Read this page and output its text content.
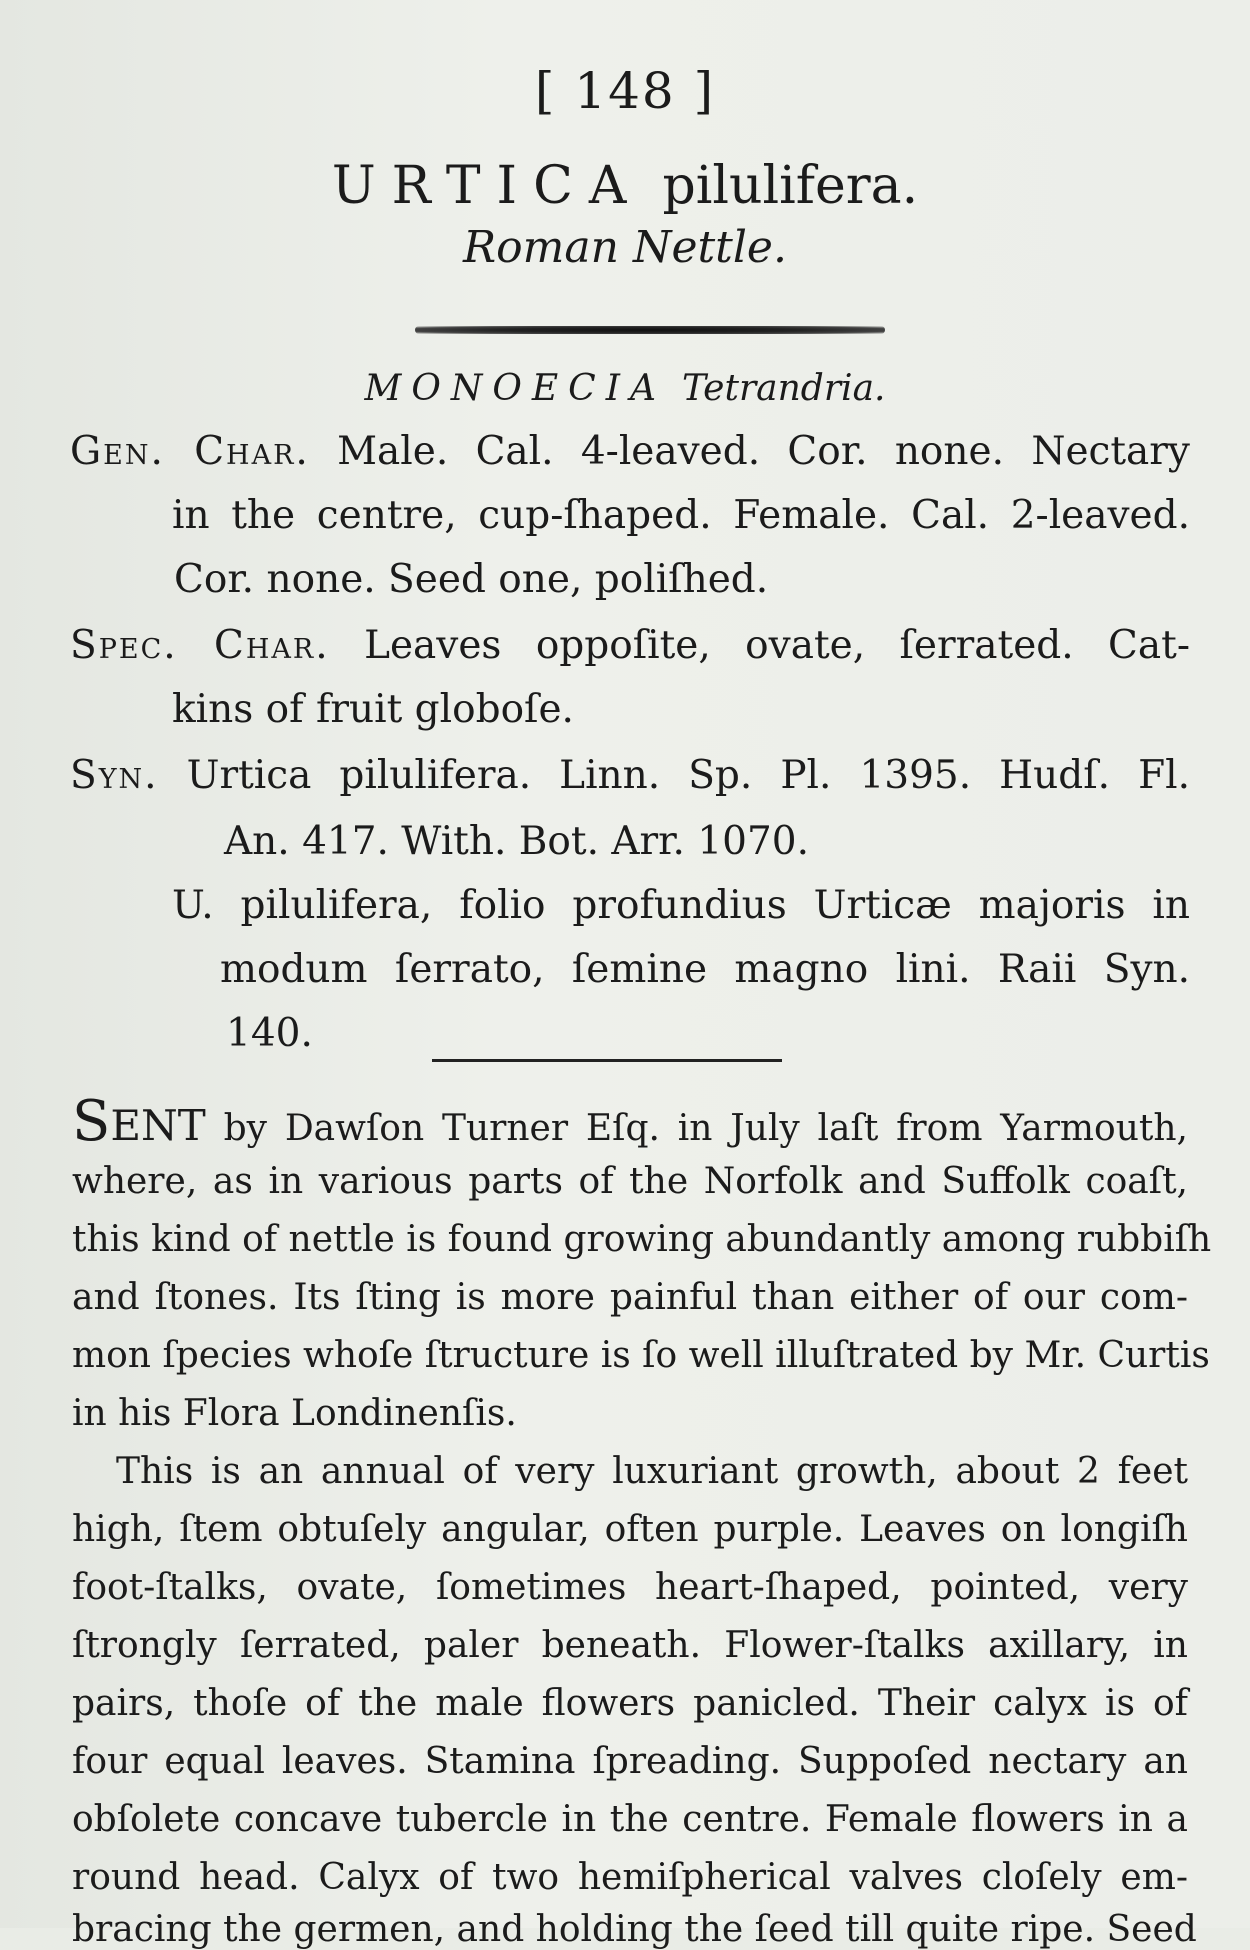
[ 148 ]
URTICA pilulifera.
Roman Nettle.
MONOECIA Tetrandria.
Gen. Char. Male. Cal. 4-leaved. Cor. none. Nectary
in the centre, cup-ſhaped. Female. Cal. 2-leaved.
Cor. none. Seed one, poliſhed.
Spec. Char. Leaves oppoſite, ovate, ſerrated. Cat-
kins of fruit globoſe.
Syn. Urtica pilulifera. Linn. Sp. Pl. 1395. Hudſ. Fl.
An. 417. With. Bot. Arr. 1070.
U. pilulifera, folio profundius Urticæ majoris in
modum ſerrato, ſemine magno lini. Raii Syn.
140.
SENT by Dawſon Turner Eſq. in July laſt from Yarmouth,
where, as in various parts of the Norfolk and Suffolk coaſt,
this kind of nettle is found growing abundantly among rubbiſh
and ſtones. Its ſting is more painful than either of our com-
mon ſpecies whoſe ſtructure is ſo well illuſtrated by Mr. Curtis
in his Flora Londinenſis.
This is an annual of very luxuriant growth, about 2 feet
high, ſtem obtuſely angular, often purple. Leaves on longiſh
foot-ſtalks, ovate, ſometimes heart-ſhaped, pointed, very
ſtrongly ſerrated, paler beneath. Flower-ſtalks axillary, in
pairs, thoſe of the male flowers panicled. Their calyx is of
four equal leaves. Stamina ſpreading. Suppoſed nectary an
obſolete concave tubercle in the centre. Female flowers in a
round head. Calyx of two hemiſpherical valves cloſely em-
bracing the germen, and holding the ſeed till quite ripe. Seed
